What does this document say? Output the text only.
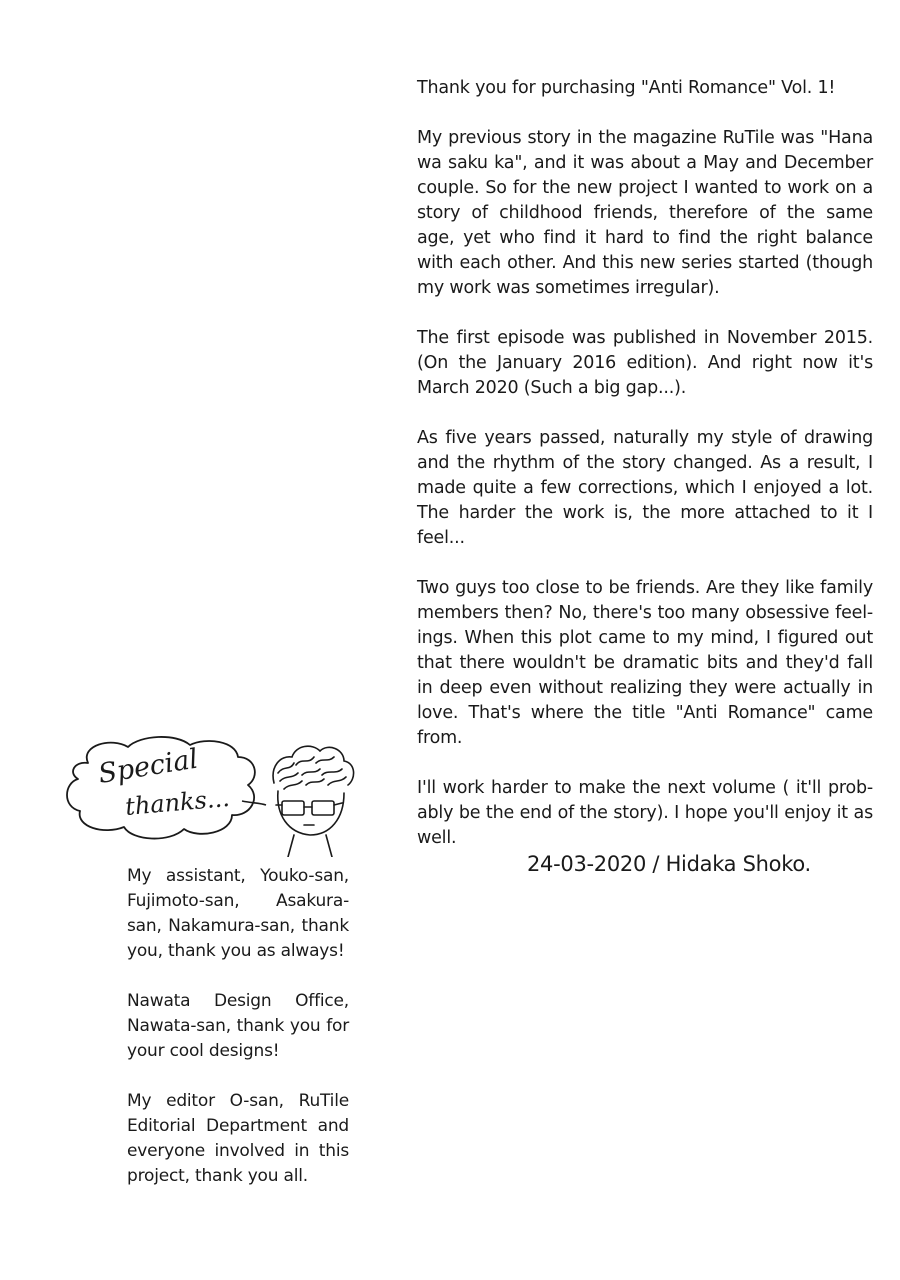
Thank you for purchasing "Anti Romance" Vol. 1!

My previous story in the magazine RuTile was "Hana wa saku ka", and it was about a May and December couple. So for the new project I wanted to work on a story of childhood friends, therefore of the same age, yet who find it hard to find the right balance with each other. And this new series started (though my work was sometimes irregular).

The first episode was published in November 2015. (On the January 2016 edition). And right now it's March 2020 (Such a big gap...).

As five years passed, naturally my style of drawing and the rhythm of the story changed. As a result, I made quite a few corrections, which I enjoyed a lot. The harder the work is, the more attached to it I feel...

Two guys too close to be friends. Are they like family members then? No, there's too many obsessive feel-ings. When this plot came to my mind, I figured out that there wouldn't be dramatic bits and they'd fall in deep even without realizing they were actually in love. That's where the title "Anti Romance" came from.

I'll work harder to make the next volume ( it'll prob-ably be the end of the story). I hope you'll enjoy it as well.

24-03-2020 / Hidaka Shoko.
Special
thanks...

My assistant, Youko-san, Fujimoto-san, Asakura-san, Nakamura-san, thank you, thank you as always!

Nawata Design Office, Nawata-san, thank you for your cool designs!

My editor O-san, RuTile Editorial Department and everyone involved in this project, thank you all.
